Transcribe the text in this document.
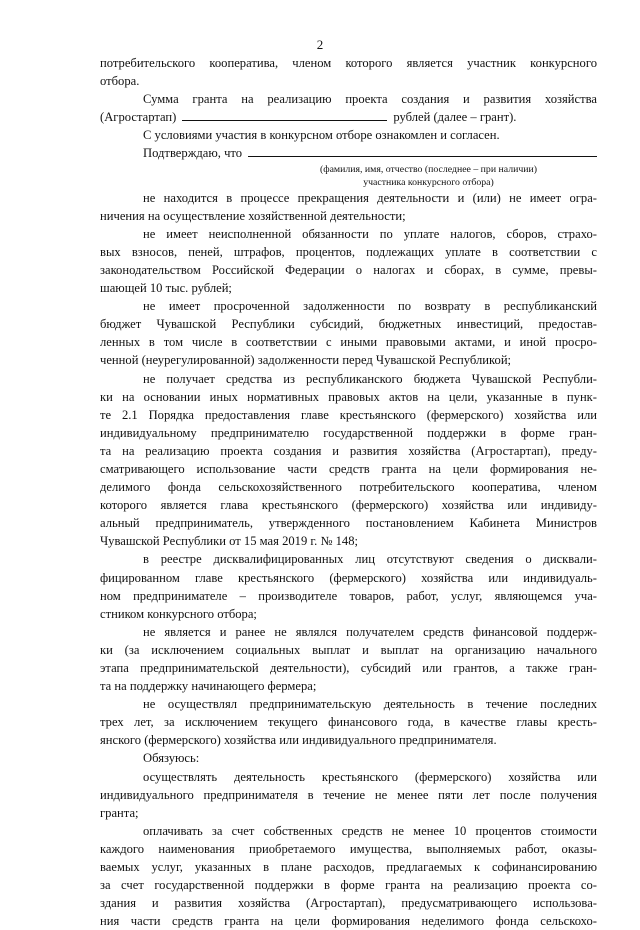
2
потребительского кооператива, членом которого является участник конкурсного
отбора.
Сумма гранта на реализацию проекта создания и развития хозяйства
(Агростартап)	рублей (далее – грант).
С условиями участия в конкурсном отборе ознакомлен и согласен.
Подтверждаю, что
(фамилия, имя, отчество (последнее – при наличии)
участника конкурсного отбора)
не находится в процессе прекращения деятельности и (или) не имеет огра-
ничения на осуществление хозяйственной деятельности;
не имеет неисполненной обязанности по уплате налогов, сборов, страхо-
вых взносов, пеней, штрафов, процентов, подлежащих уплате в соответствии с
законодательством Российской Федерации о налогах и сборах, в сумме, превы-
шающей 10 тыс. рублей;
не имеет просроченной задолженности по возврату в республиканский
бюджет Чувашской Республики субсидий, бюджетных инвестиций, предостав-
ленных в том числе в соответствии с иными правовыми актами, и иной просро-
ченной (неурегулированной) задолженности перед Чувашской Республикой;
не получает средства из республиканского бюджета Чувашской Республи-
ки на основании иных нормативных правовых актов на цели, указанные в пунк-
те 2.1 Порядка предоставления главе крестьянского (фермерского) хозяйства или
индивидуальному предпринимателю государственной поддержки в форме гран-
та на реализацию проекта создания и развития хозяйства (Агростартап), преду-
сматривающего использование части средств гранта на цели формирования не-
делимого фонда сельскохозяйственного потребительского кооператива, членом
которого является глава крестьянского (фермерского) хозяйства или индивиду-
альный предприниматель, утвержденного постановлением Кабинета Министров
Чувашской Республики от 15 мая 2019 г. № 148;
в реестре дисквалифицированных лиц отсутствуют сведения о дисквали-
фицированном главе крестьянского (фермерского) хозяйства или индивидуаль-
ном предпринимателе – производителе товаров, работ, услуг, являющемся уча-
стником конкурсного отбора;
не является и ранее не являлся получателем средств финансовой поддерж-
ки (за исключением социальных выплат и выплат на организацию начального
этапа предпринимательской деятельности), субсидий или грантов, а также гран-
та на поддержку начинающего фермера;
не осуществлял предпринимательскую деятельность в течение последних
трех лет, за исключением текущего финансового года, в качестве главы кресть-
янского (фермерского) хозяйства или индивидуального предпринимателя.
Обязуюсь:
осуществлять деятельность крестьянского (фермерского) хозяйства или
индивидуального предпринимателя в течение не менее пяти лет после получения
гранта;
оплачивать за счет собственных средств не менее 10 процентов стоимости
каждого наименования приобретаемого имущества, выполняемых работ, оказы-
ваемых услуг, указанных в плане расходов, предлагаемых к софинансированию
за счет государственной поддержки в форме гранта на реализацию проекта со-
здания и развития хозяйства (Агростартап), предусматривающего использова-
ния части средств гранта на цели формирования неделимого фонда сельскохо-
